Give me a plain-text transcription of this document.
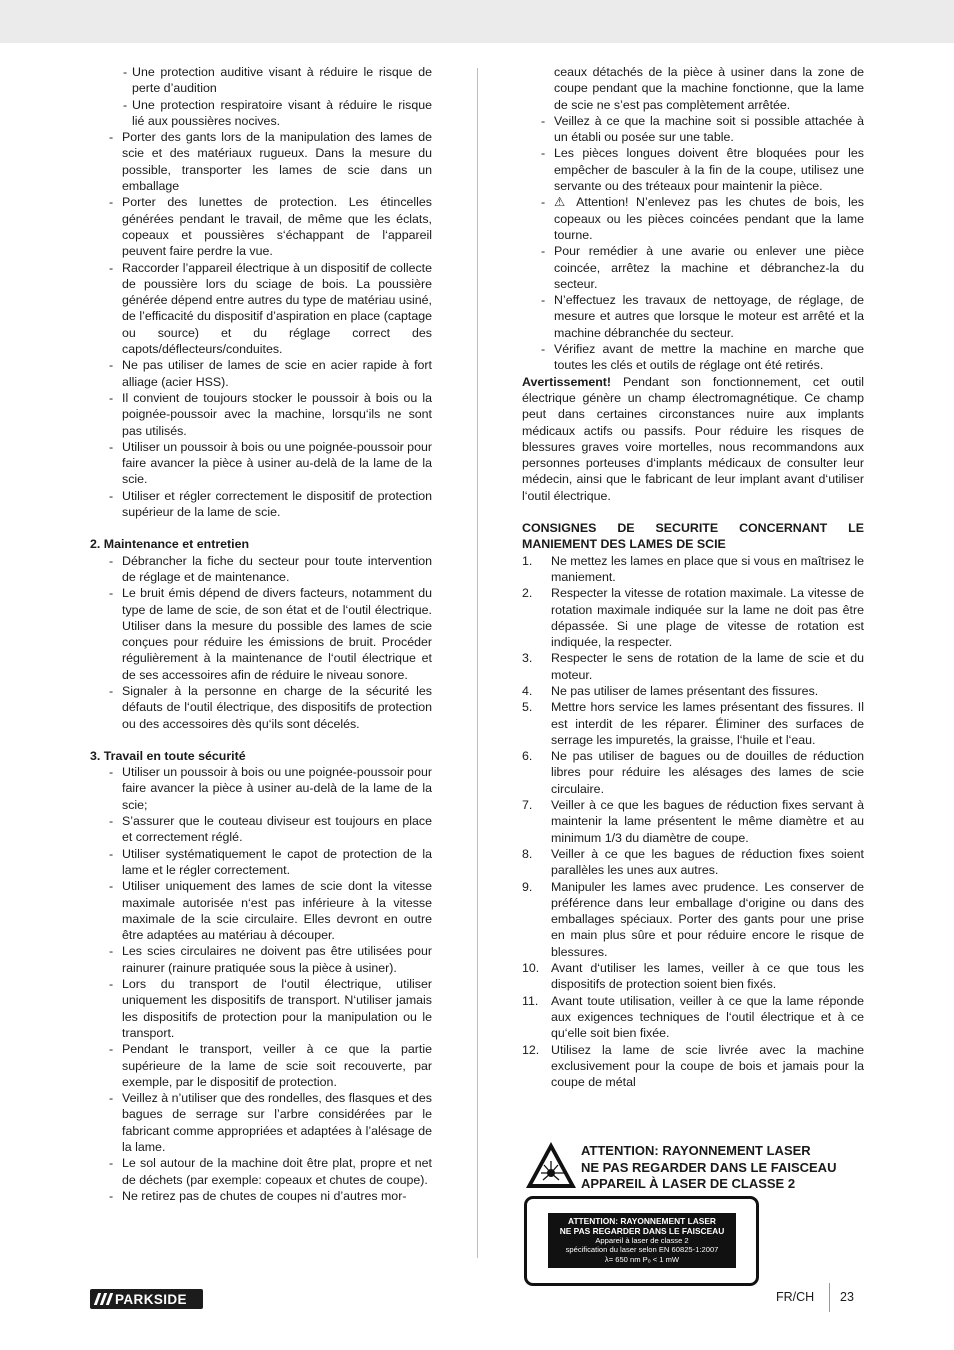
- Une protection auditive visant à réduire le risque de perte d’audition
- Une protection respiratoire visant à réduire le risque lié aux poussières nocives.
- Porter des gants lors de la manipulation des lames de scie et des matériaux rugueux. Dans la mesure du possible, transporter les lames de scie dans un emballage
- Porter des lunettes de protection. Les étincelles générées pendant le travail, de même que les éclats, copeaux et poussières s‘échappant de l‘appareil peuvent faire perdre la vue.
- Raccorder l’appareil électrique à un dispositif de collecte de poussière lors du sciage de bois. La poussière générée dépend entre autres du type de matériau usiné, de l’efficacité du dispositif d’aspiration en place (captage ou source) et du réglage correct des capots/déflecteurs/conduites.
- Ne pas utiliser de lames de scie en acier rapide à fort alliage (acier HSS).
- Il convient de toujours stocker le poussoir à bois ou la poignée-poussoir avec la machine, lorsqu‘ils ne sont pas utilisés.
- Utiliser un poussoir à bois ou une poignée-poussoir pour faire avancer la pièce à usiner au-delà de la lame de la scie.
- Utiliser et régler correctement le dispositif de protection supérieur de la lame de scie.

2. Maintenance et entretien

- Débrancher la fiche du secteur pour toute intervention de réglage et de maintenance.
- Le bruit émis dépend de divers facteurs, notamment du type de lame de scie, de son état et de l‘outil électrique. Utiliser dans la mesure du possible des lames de scie conçues pour réduire les émissions de bruit. Procéder régulièrement à la maintenance de l‘outil électrique et de ses accessoires afin de réduire le niveau sonore.
- Signaler à la personne en charge de la sécurité les défauts de l‘outil électrique, des dispositifs de protection ou des accessoires dès qu‘ils sont décelés.

3. Travail en toute sécurité

- Utiliser un poussoir à bois ou une poignée-poussoir pour faire avancer la pièce à usiner au-delà de la lame de la scie;
- S’assurer que le couteau diviseur est toujours en place et correctement réglé.
- Utiliser systématiquement le capot de protection de la lame et le régler correctement.
- Utiliser uniquement des lames de scie dont la vitesse maximale autorisée n‘est pas inférieure à la vitesse maximale de la scie circulaire. Elles devront en outre être adaptées au matériau à découper.
- Les scies circulaires ne doivent pas être utilisées pour rainurer (rainure pratiquée sous la pièce à usiner).
- Lors du transport de l‘outil électrique, utiliser uniquement les dispositifs de transport. N‘utiliser jamais les dispositifs de protection pour la manipulation ou le transport.
- Pendant le transport, veiller à ce que la partie supérieure de la lame de scie soit recouverte, par exemple, par le dispositif de protection.
- Veillez à n’utiliser que des rondelles, des flasques et des bagues de serrage sur l’arbre considérées par le fabricant comme appropriées et adaptées à l’alésage de la lame.
- Le sol autour de la machine doit être plat, propre et net de déchets (par exemple: copeaux et chutes de coupe).
- Ne retirez pas de chutes de coupes ni d’autres mor-

ceaux détachés de la pièce à usiner dans la zone de coupe pendant que la machine fonctionne, que la lame de scie ne s’est pas complètement arrêtée.

- Veillez à ce que la machine soit si possible attachée à un établi ou posée sur une table.
- Les pièces longues doivent être bloquées pour les empêcher de basculer à la fin de la coupe, utilisez une servante ou des tréteaux pour maintenir la pièce.
- ⚠ Attention! N’enlevez pas les chutes de bois, les copeaux ou les pièces coincées pendant que la lame tourne.
- Pour remédier à une avarie ou enlever une pièce coincée, arrêtez la machine et débranchez-la du secteur.
- N’effectuez les travaux de nettoyage, de réglage, de mesure et autres que lorsque le moteur est arrêté et la machine débranchée du secteur.
- Vérifiez avant de mettre la machine en marche que toutes les clés et outils de réglage ont été retirés.

Avertissement! Pendant son fonctionnement, cet outil électrique génère un champ électromagnétique. Ce champ peut dans certaines circonstances nuire aux implants médicaux actifs ou passifs. Pour réduire les risques de blessures graves voire mortelles, nous recommandons aux personnes porteuses d‘implants médicaux de consulter leur médecin, ainsi que le fabricant de leur implant avant d‘utiliser l‘outil électrique.

CONSIGNES DE SECURITE CONCERNANT LE MANIEMENT DES LAMES DE SCIE

1. Ne mettez les lames en place que si vous en maîtrisez le maniement.
2. Respecter la vitesse de rotation maximale. La vitesse de rotation maximale indiquée sur la lame ne doit pas être dépassée. Si une plage de vitesse de rotation est indiquée, la respecter.
3. Respecter le sens de rotation de la lame de scie et du moteur.
4. Ne pas utiliser de lames présentant des fissures.
5. Mettre hors service les lames présentant des fissures. Il est interdit de les réparer. Éliminer des surfaces de serrage les impuretés, la graisse, l‘huile et l‘eau.
6. Ne pas utiliser de bagues ou de douilles de réduction libres pour réduire les alésages des lames de scie circulaire.
7. Veiller à ce que les bagues de réduction fixes servant à maintenir la lame présentent le même diamètre et au minimum 1/3 du diamètre de coupe.
8. Veiller à ce que les bagues de réduction fixes soient parallèles les unes aux autres.
9. Manipuler les lames avec prudence. Les conserver de préférence dans leur emballage d‘origine ou dans des emballages spéciaux. Porter des gants pour une prise en main plus sûre et pour réduire encore le risque de blessures.
10. Avant d‘utiliser les lames, veiller à ce que tous les dispositifs de protection soient bien fixés.
11. Avant toute utilisation, veiller à ce que la lame réponde aux exigences techniques de l‘outil électrique et à ce qu‘elle soit bien fixée.
12. Utilisez la lame de scie livrée avec la machine exclusivement pour la coupe de bois et jamais pour la coupe de métal
ATTENTION: RAYONNEMENT LASER
NE PAS REGARDER DANS LE FAISCEAU
APPAREIL À LASER DE CLASSE 2
ATTENTION: RAYONNEMENT LASER
NE PAS REGARDER DANS LE FAISCEAU
Appareil à laser de classe 2
spécification du laser selon EN 60825-1:2007
λ= 650 nm Pₒ < 1 mW
PARKSIDE	FR/CH 23
